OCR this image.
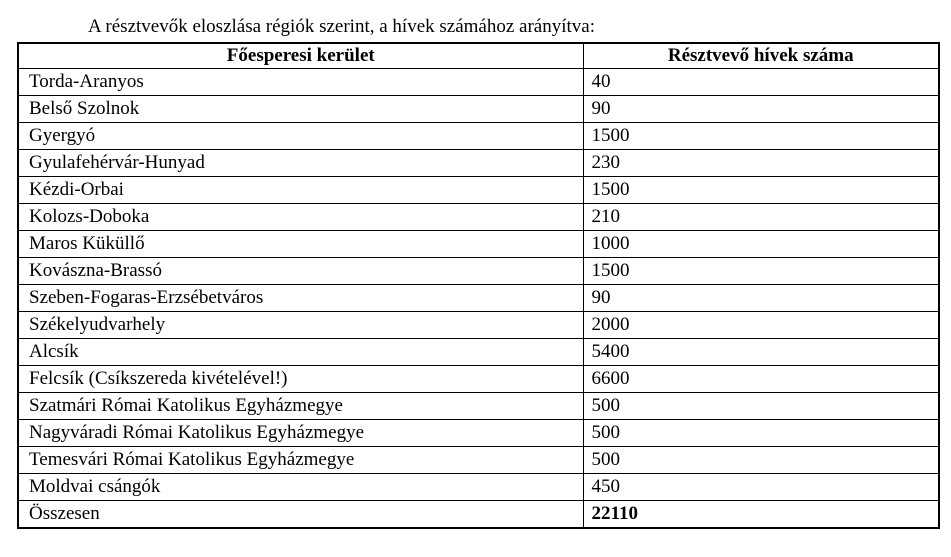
A résztvevők eloszlása régiók szerint, a hívek számához arányítva:
Főesperesi kerület	Résztvevő hívek száma
Torda-Aranyos	40
Belső Szolnok	90
Gyergyó	1500
Gyulafehérvár-Hunyad	230
Kézdi-Orbai	1500
Kolozs-Doboka	210
Maros Küküllő	1000
Kovászna-Brassó	1500
Szeben-Fogaras-Erzsébetváros	90
Székelyudvarhely	2000
Alcsík	5400
Felcsík (Csíkszereda kivételével!)	6600
Szatmári Római Katolikus Egyházmegye	500
Nagyváradi Római Katolikus Egyházmegye	500
Temesvári Római Katolikus Egyházmegye	500
Moldvai csángók	450
Összesen	22110
